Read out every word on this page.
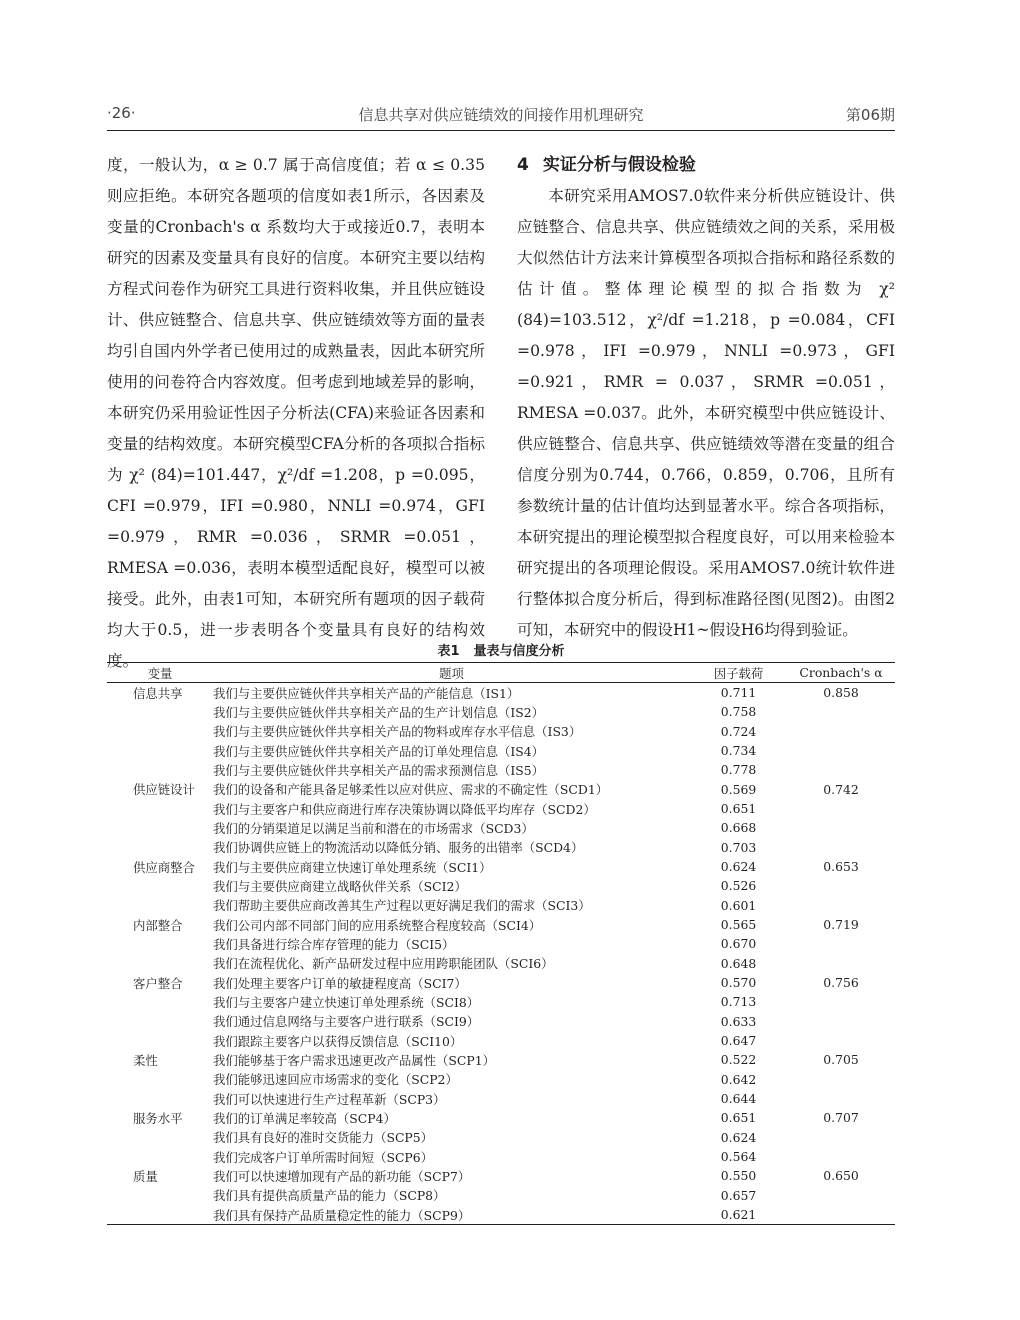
·26·	信息共享对供应链绩效的间接作用机理研究	第06期

度，一般认为，α ≥ 0.7 属于高信度值；若 α ≤ 0.35 则应拒绝。本研究各题项的信度如表1所示，各因素及变量的Cronbach's α 系数均大于或接近0.7，表明本研究的因素及变量具有良好的信度。本研究主要以结构方程式问卷作为研究工具进行资料收集，并且供应链设计、供应链整合、信息共享、供应链绩效等方面的量表均引自国内外学者已使用过的成熟量表，因此本研究所使用的问卷符合内容效度。但考虑到地域差异的影响，本研究仍采用验证性因子分析法(CFA)来验证各因素和变量的结构效度。本研究模型CFA分析的各项拟合指标为 χ² (84)=101.447，χ²/df =1.208，p =0.095，CFI =0.979，IFI =0.980，NNLI =0.974，GFI =0.979，RMR =0.036，SRMR =0.051，RMESA =0.036，表明本模型适配良好，模型可以被接受。此外，由表1可知，本研究所有题项的因子载荷均大于0.5，进一步表明各个变量具有良好的结构效度。

4 实证分析与假设检验

本研究采用AMOS7.0软件来分析供应链设计、供应链整合、信息共享、供应链绩效之间的关系，采用极大似然估计方法来计算模型各项拟合指标和路径系数的估计值。整体理论模型的拟合指数为 χ² (84)=103.512，χ²/df =1.218，p =0.084，CFI =0.978，IFI =0.979，NNLI =0.973，GFI =0.921，RMR = 0.037，SRMR =0.051，RMESA =0.037。此外，本研究模型中供应链设计、供应链整合、信息共享、供应链绩效等潜在变量的组合信度分别为0.744，0.766，0.859，0.706，且所有参数统计量的估计值均达到显著水平。综合各项指标，本研究提出的理论模型拟合程度良好，可以用来检验本研究提出的各项理论假设。采用AMOS7.0统计软件进行整体拟合度分析后，得到标准路径图(见图2)。由图2可知，本研究中的假设H1~假设H6均得到验证。

表1 量表与信度分析
变量	题项	因子载荷	Cronbach's α
信息共享	我们与主要供应链伙伴共享相关产品的产能信息（IS1）	0.711	0.858
	我们与主要供应链伙伴共享相关产品的生产计划信息（IS2）	0.758	
	我们与主要供应链伙伴共享相关产品的物料或库存水平信息（IS3）	0.724	
	我们与主要供应链伙伴共享相关产品的订单处理信息（IS4）	0.734	
	我们与主要供应链伙伴共享相关产品的需求预测信息（IS5）	0.778	
供应链设计	我们的设备和产能具备足够柔性以应对供应、需求的不确定性（SCD1）	0.569	0.742
	我们与主要客户和供应商进行库存决策协调以降低平均库存（SCD2）	0.651	
	我们的分销渠道足以满足当前和潜在的市场需求（SCD3）	0.668	
	我们协调供应链上的物流活动以降低分销、服务的出错率（SCD4）	0.703	
供应商整合	我们与主要供应商建立快速订单处理系统（SCI1）	0.624	0.653
	我们与主要供应商建立战略伙伴关系（SCI2）	0.526	
	我们帮助主要供应商改善其生产过程以更好满足我们的需求（SCI3）	0.601	
内部整合	我们公司内部不同部门间的应用系统整合程度较高（SCI4）	0.565	0.719
	我们具备进行综合库存管理的能力（SCI5）	0.670	
	我们在流程优化、新产品研发过程中应用跨职能团队（SCI6）	0.648	
客户整合	我们处理主要客户订单的敏捷程度高（SCI7）	0.570	0.756
	我们与主要客户建立快速订单处理系统（SCI8）	0.713	
	我们通过信息网络与主要客户进行联系（SCI9）	0.633	
	我们跟踪主要客户以获得反馈信息（SCI10）	0.647	
柔性	我们能够基于客户需求迅速更改产品属性（SCP1）	0.522	0.705
	我们能够迅速回应市场需求的变化（SCP2）	0.642	
	我们可以快速进行生产过程革新（SCP3）	0.644	
服务水平	我们的订单满足率较高（SCP4）	0.651	0.707
	我们具有良好的准时交货能力（SCP5）	0.624	
	我们完成客户订单所需时间短（SCP6）	0.564	
质量	我们可以快速增加现有产品的新功能（SCP7）	0.550	0.650
	我们具有提供高质量产品的能力（SCP8）	0.657	
	我们具有保持产品质量稳定性的能力（SCP9）	0.621	
